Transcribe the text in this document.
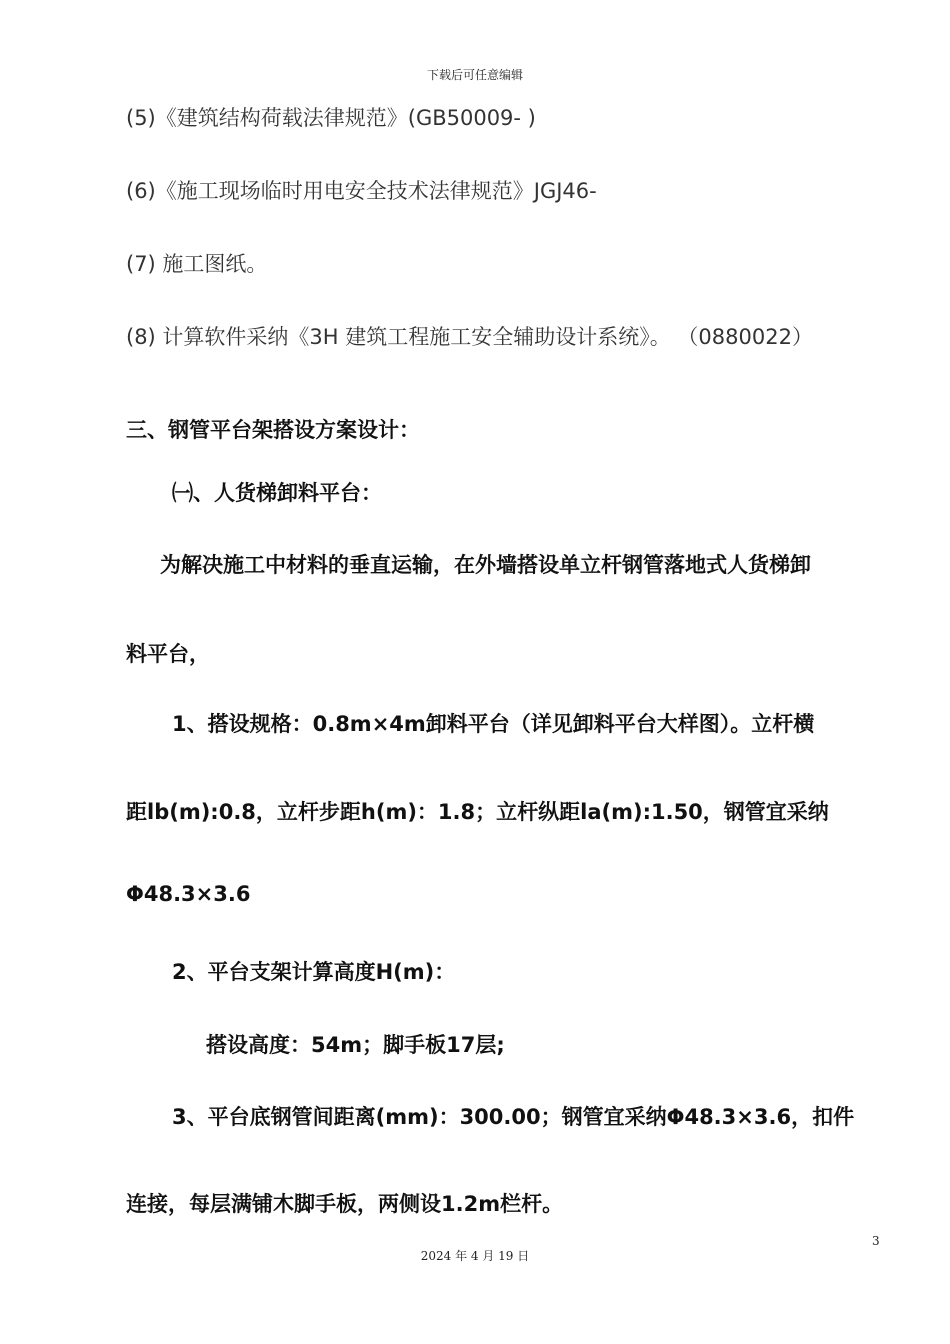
下载后可任意编辑
(5)《建筑结构荷载法律规范》(GB50009- )
(6)《施工现场临时用电安全技术法律规范》JGJ46-
(7) 施工图纸。
(8) 计算软件采纳《3H 建筑工程施工安全辅助设计系统》。 （0880022）
三、钢管平台架搭设方案设计：
㈠、人货梯卸料平台：
为解决施工中材料的垂直运输，在外墙搭设单立杆钢管落地式人货梯卸
料平台，
1、搭设规格：0.8m×4m卸料平台（详见卸料平台大样图）。立杆横
距lb(m):0.8，立杆步距h(m)：1.8；立杆纵距la(m):1.50，钢管宜采纳
Φ48.3×3.6
2、平台支架计算高度H(m)：
搭设高度：54m；脚手板17层;
3、平台底钢管间距离(mm)：300.00；钢管宜采纳Φ48.3×3.6，扣件
连接，每层满铺木脚手板，两侧设1.2m栏杆。
3
2024 年 4 月 19 日
